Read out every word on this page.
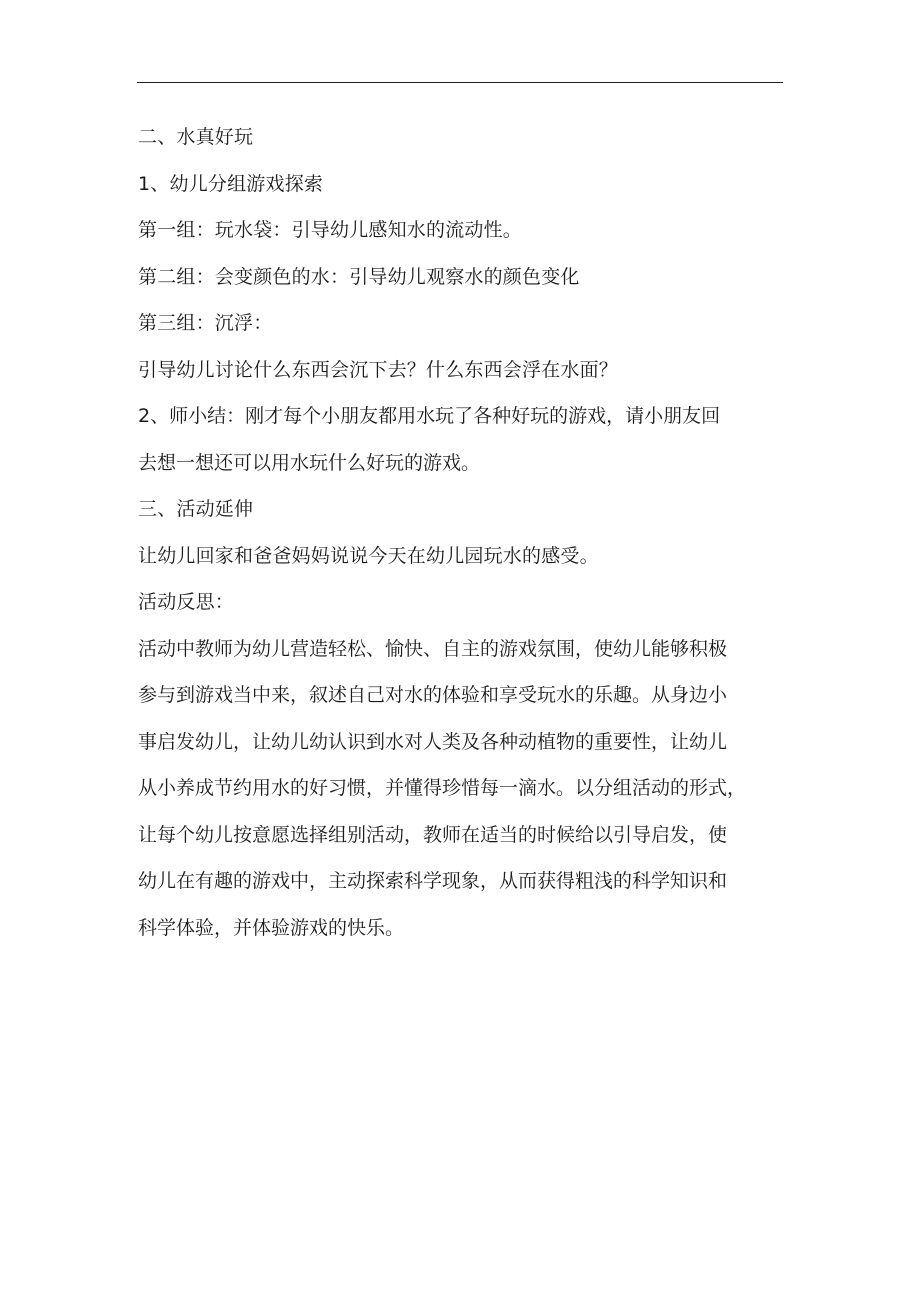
二、水真好玩
1、幼儿分组游戏探索
第一组：玩水袋：引导幼儿感知水的流动性。
第二组：会变颜色的水：引导幼儿观察水的颜色变化
第三组：沉浮：
引导幼儿讨论什么东西会沉下去？什么东西会浮在水面？
2、师小结：刚才每个小朋友都用水玩了各种好玩的游戏，请小朋友回
去想一想还可以用水玩什么好玩的游戏。
三、活动延伸
让幼儿回家和爸爸妈妈说说今天在幼儿园玩水的感受。
活动反思：
活动中教师为幼儿营造轻松、愉快、自主的游戏氛围，使幼儿能够积极
参与到游戏当中来，叙述自己对水的体验和享受玩水的乐趣。从身边小
事启发幼儿，让幼儿幼认识到水对人类及各种动植物的重要性，让幼儿
从小养成节约用水的好习惯，并懂得珍惜每一滴水。以分组活动的形式，
让每个幼儿按意愿选择组别活动，教师在适当的时候给以引导启发，使
幼儿在有趣的游戏中，主动探索科学现象，从而获得粗浅的科学知识和
科学体验，并体验游戏的快乐。
